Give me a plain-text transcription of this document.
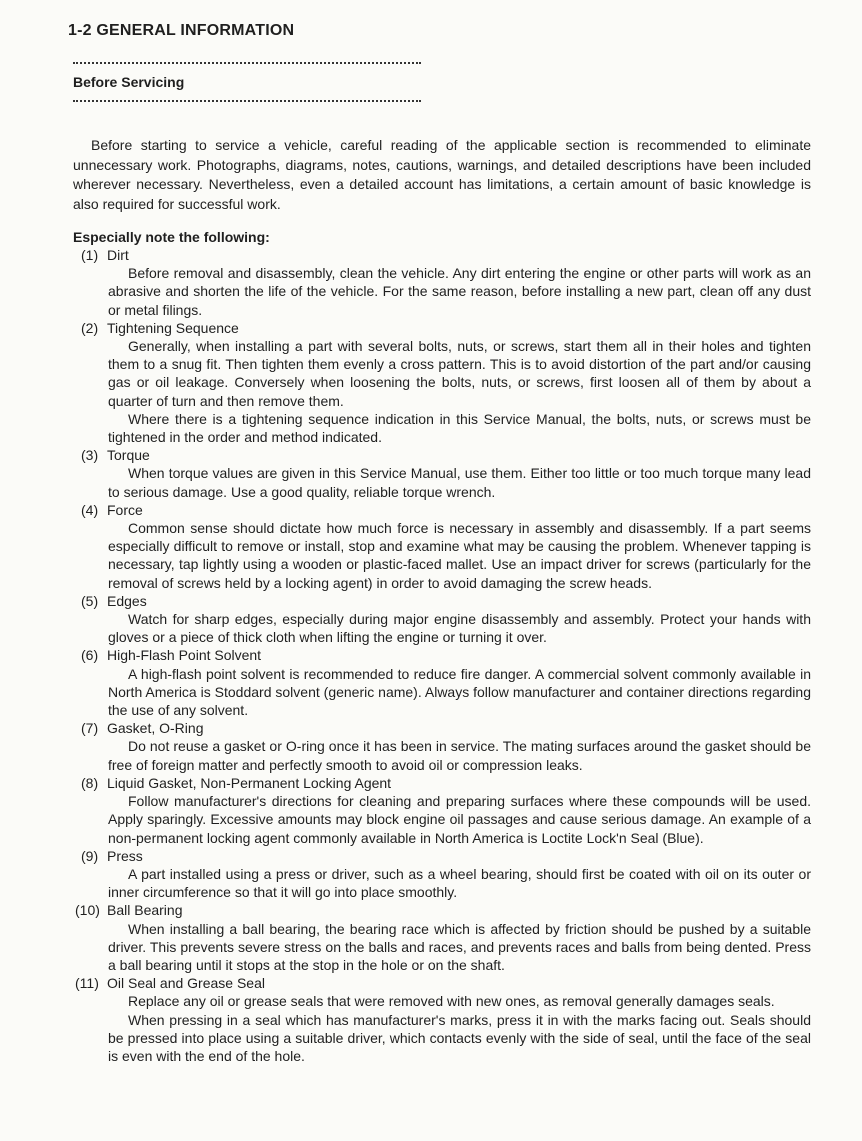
1-2 GENERAL INFORMATION
Before Servicing

Before starting to service a vehicle, careful reading of the applicable section is recommended to eliminate unnecessary work. Photographs, diagrams, notes, cautions, warnings, and detailed descriptions have been included wherever necessary. Nevertheless, even a detailed account has limitations, a certain amount of basic knowledge is also required for successful work.

Especially note the following:
(1) Dirt

Before removal and disassembly, clean the vehicle. Any dirt entering the engine or other parts will work as an abrasive and shorten the life of the vehicle. For the same reason, before installing a new part, clean off any dust or metal filings.

(2) Tightening Sequence

Generally, when installing a part with several bolts, nuts, or screws, start them all in their holes and tighten them to a snug fit. Then tighten them evenly a cross pattern. This is to avoid distortion of the part and/or causing gas or oil leakage. Conversely when loosening the bolts, nuts, or screws, first loosen all of them by about a quarter of turn and then remove them.

Where there is a tightening sequence indication in this Service Manual, the bolts, nuts, or screws must be tightened in the order and method indicated.

(3) Torque

When torque values are given in this Service Manual, use them. Either too little or too much torque many lead to serious damage. Use a good quality, reliable torque wrench.

(4) Force

Common sense should dictate how much force is necessary in assembly and disassembly. If a part seems especially difficult to remove or install, stop and examine what may be causing the problem. Whenever tapping is necessary, tap lightly using a wooden or plastic-faced mallet. Use an impact driver for screws (particularly for the removal of screws held by a locking agent) in order to avoid damaging the screw heads.

(5) Edges

Watch for sharp edges, especially during major engine disassembly and assembly. Protect your hands with gloves or a piece of thick cloth when lifting the engine or turning it over.

(6) High-Flash Point Solvent

A high-flash point solvent is recommended to reduce fire danger. A commercial solvent commonly available in North America is Stoddard solvent (generic name). Always follow manufacturer and container directions regarding the use of any solvent.

(7) Gasket, O-Ring

Do not reuse a gasket or O-ring once it has been in service. The mating surfaces around the gasket should be free of foreign matter and perfectly smooth to avoid oil or compression leaks.

(8) Liquid Gasket, Non-Permanent Locking Agent

Follow manufacturer's directions for cleaning and preparing surfaces where these compounds will be used. Apply sparingly. Excessive amounts may block engine oil passages and cause serious damage. An example of a non-permanent locking agent commonly available in North America is Loctite Lock'n Seal (Blue).

(9) Press

A part installed using a press or driver, such as a wheel bearing, should first be coated with oil on its outer or inner circumference so that it will go into place smoothly.

(10) Ball Bearing

When installing a ball bearing, the bearing race which is affected by friction should be pushed by a suitable driver. This prevents severe stress on the balls and races, and prevents races and balls from being dented. Press a ball bearing until it stops at the stop in the hole or on the shaft.

(11) Oil Seal and Grease Seal

Replace any oil or grease seals that were removed with new ones, as removal generally damages seals.

When pressing in a seal which has manufacturer's marks, press it in with the marks facing out. Seals should be pressed into place using a suitable driver, which contacts evenly with the side of seal, until the face of the seal is even with the end of the hole.
